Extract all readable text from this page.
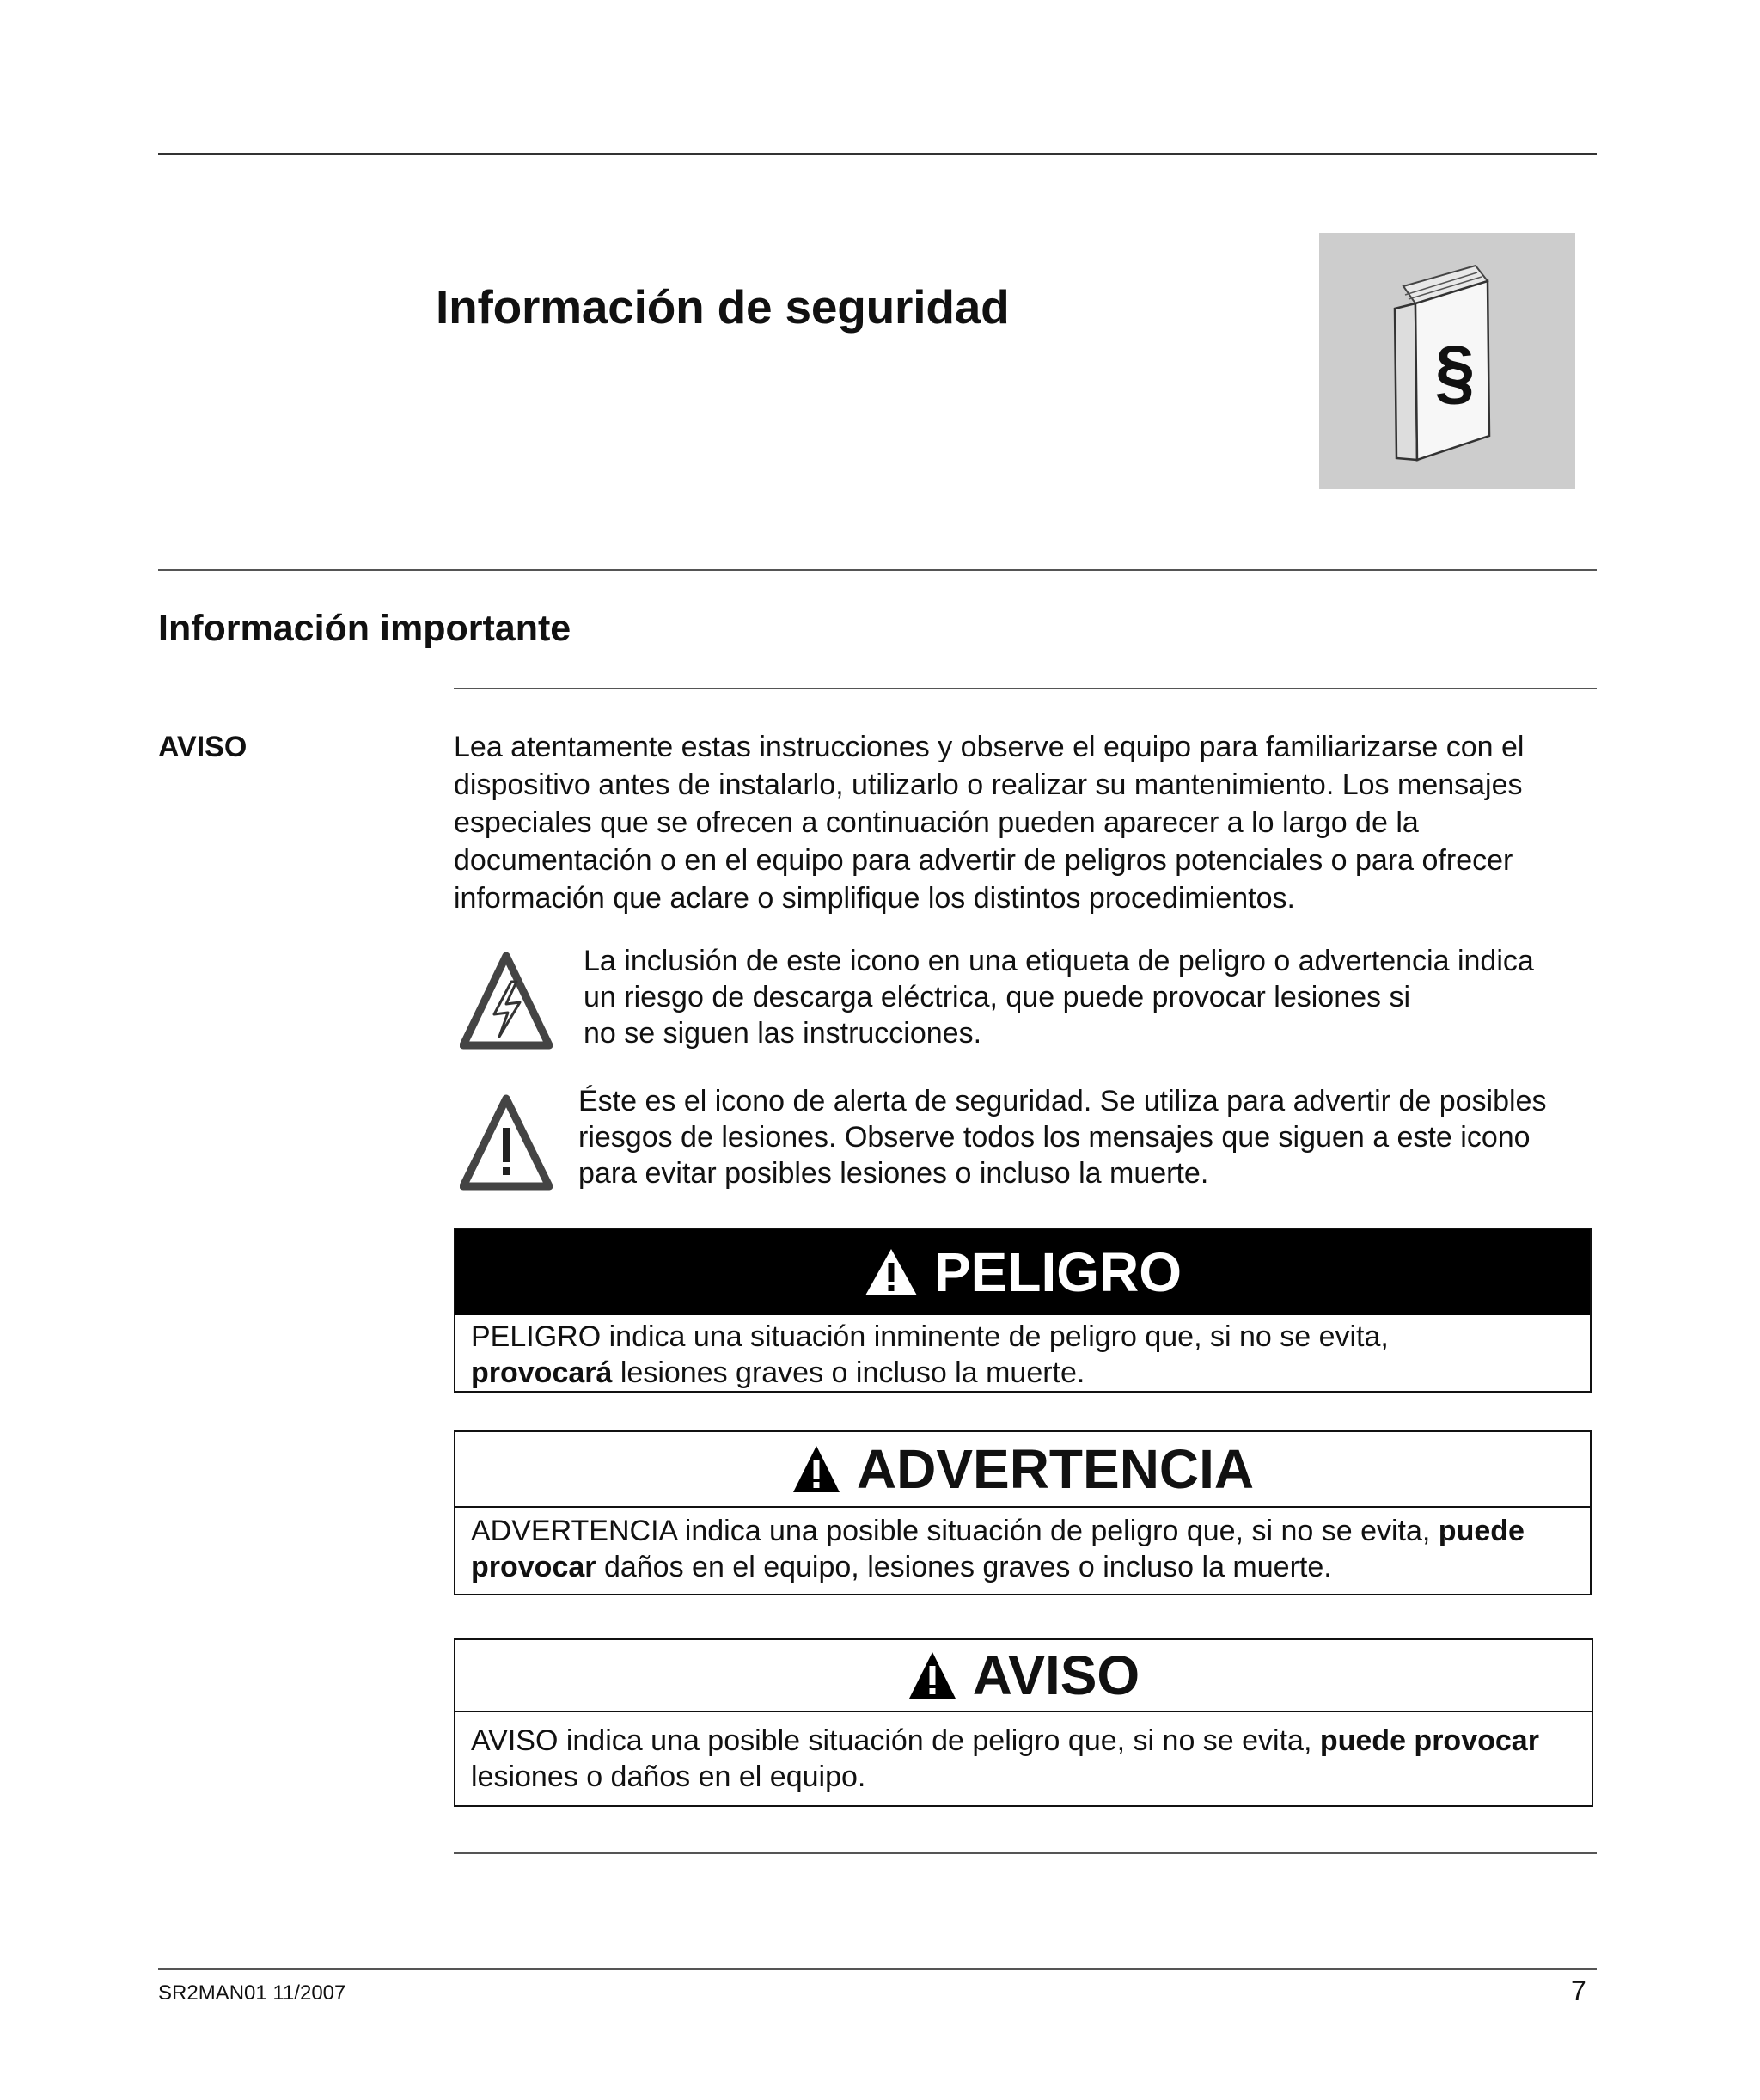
Información de seguridad
§
Información importante
AVISO	Lea atentamente estas instrucciones y observe el equipo para familiarizarse con el dispositivo antes de instalarlo, utilizarlo o realizar su mantenimiento. Los mensajes especiales que se ofrecen a continuación pueden aparecer a lo largo de la documentación o en el equipo para advertir de peligros potenciales o para ofrecer información que aclare o simplifique los distintos procedimientos.
La inclusión de este icono en una etiqueta de peligro o advertencia indica
un riesgo de descarga eléctrica, que puede provocar lesiones si
no se siguen las instrucciones.
Éste es el icono de alerta de seguridad. Se utiliza para advertir de posibles
riesgos de lesiones. Observe todos los mensajes que siguen a este icono
para evitar posibles lesiones o incluso la muerte.
PELIGRO
PELIGRO indica una situación inminente de peligro que, si no se evita,
provocará lesiones graves o incluso la muerte.
ADVERTENCIA
ADVERTENCIA indica una posible situación de peligro que, si no se evita, puede
provocar daños en el equipo, lesiones graves o incluso la muerte.
AVISO
AVISO indica una posible situación de peligro que, si no se evita, puede provocar
lesiones o daños en el equipo.
SR2MAN01 11/2007	7
